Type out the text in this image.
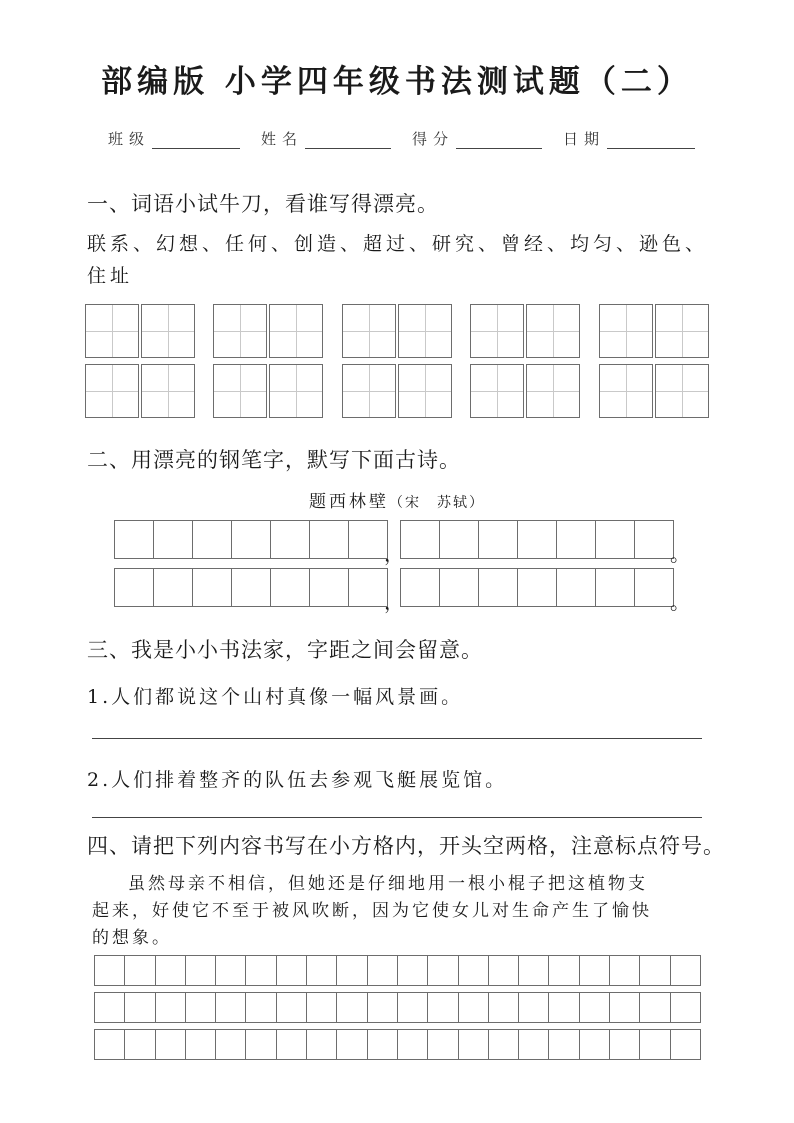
部编版 小学四年级书法测试题（二）
班级	姓名	得分	日期
一、词语小试牛刀，看谁写得漂亮。
联系、幻想、任何、创造、超过、研究、曾经、均匀、逊色、
住址
二、用漂亮的钢笔字，默写下面古诗。
题西林壁（宋　苏轼）
，	。
，	。
三、我是小小书法家，字距之间会留意。
1.人们都说这个山村真像一幅风景画。
2.人们排着整齐的队伍去参观飞艇展览馆。
四、请把下列内容书写在小方格内，开头空两格，注意标点符号。
虽然母亲不相信，但她还是仔细地用一根小棍子把这植物支
起来，好使它不至于被风吹断，因为它使女儿对生命产生了愉快
的想象。
